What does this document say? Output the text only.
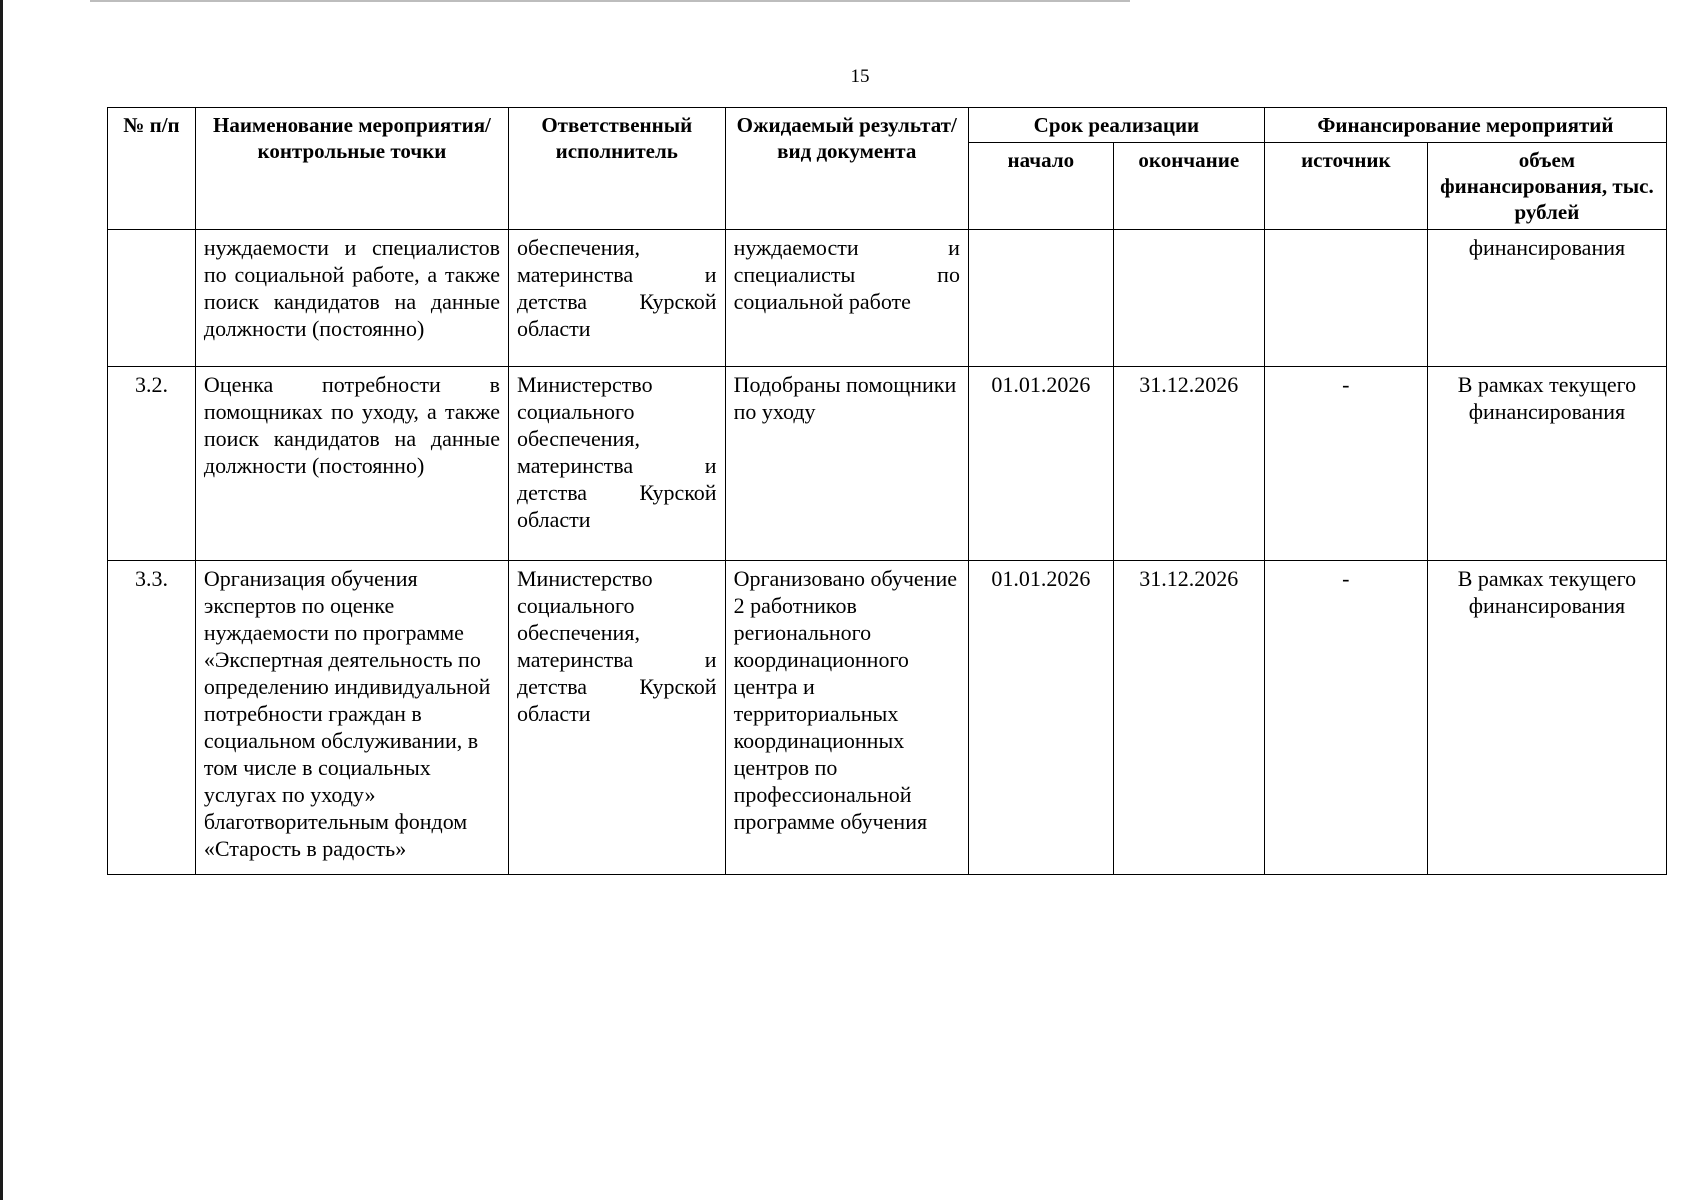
15
№ п/п	Наименование мероприятия/контрольные точки	Ответственный исполнитель	Ожидаемый результат/вид документа	Срок реализации		Финансирование мероприятий	
				начало	окончание	источник	объем финансирования, тыс. рублей
	нуждаемости и специалистов по социальной работе, а также поиск кандидатов на данные должности (постоянно)	обеспечения, материнства и детства Курской области	нуждаемости и специалисты по социальной работе				финансирования
3.2.	Оценка потребности в помощниках по уходу, а также поиск кандидатов на данные должности (постоянно)	Министерство социального обеспечения, материнства и детства Курской области	Подобраны помощники по уходу	01.01.2026	31.12.2026	-	В рамках текущего финансирования
3.3.	Организация обучения экспертов по оценке нуждаемости по программе «Экспертная деятельность по определению индивидуальной потребности граждан в социальном обслуживании, в том числе в социальных услугах по уходу» благотворительным фондом «Старость в радость»	Министерство социального обеспечения, материнства и детства Курской области	Организовано обучение 2 работников регионального координационного центра и территориальных координационных центров по профессиональной программе обучения	01.01.2026	31.12.2026	-	В рамках текущего финансирования
